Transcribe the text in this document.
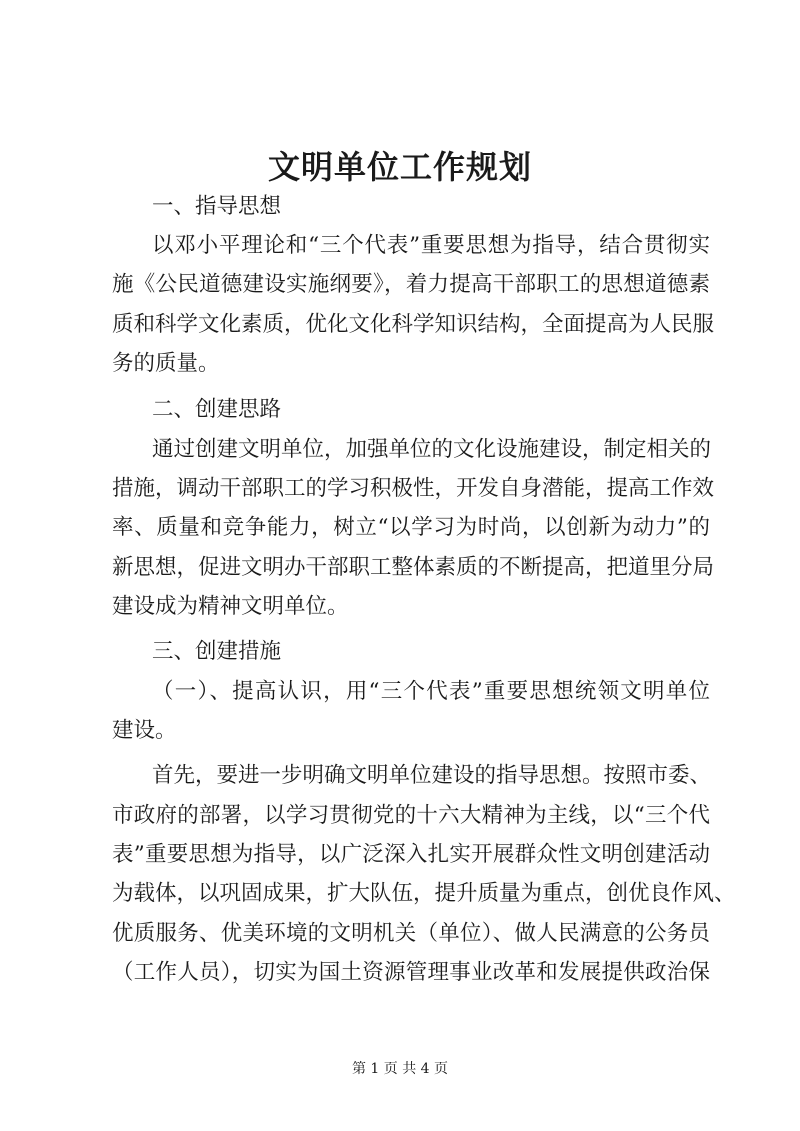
文明单位工作规划
一、指导思想
以邓小平理论和“三个代表”重要思想为指导，结合贯彻实
施《公民道德建设实施纲要》，着力提高干部职工的思想道德素
质和科学文化素质，优化文化科学知识结构，全面提高为人民服
务的质量。
二、创建思路
通过创建文明单位，加强单位的文化设施建设，制定相关的
措施，调动干部职工的学习积极性，开发自身潜能，提高工作效
率、质量和竞争能力，树立“以学习为时尚，以创新为动力”的
新思想，促进文明办干部职工整体素质的不断提高，把道里分局
建设成为精神文明单位。
三、创建措施
（一）、提高认识，用“三个代表”重要思想统领文明单位
建设。
首先，要进一步明确文明单位建设的指导思想。按照市委、
市政府的部署，以学习贯彻党的十六大精神为主线，以“三个代
表”重要思想为指导，以广泛深入扎实开展群众性文明创建活动
为载体，以巩固成果，扩大队伍，提升质量为重点，创优良作风、
优质服务、优美环境的文明机关（单位）、做人民满意的公务员
（工作人员），切实为国土资源管理事业改革和发展提供政治保
第 1 页 共 4 页
